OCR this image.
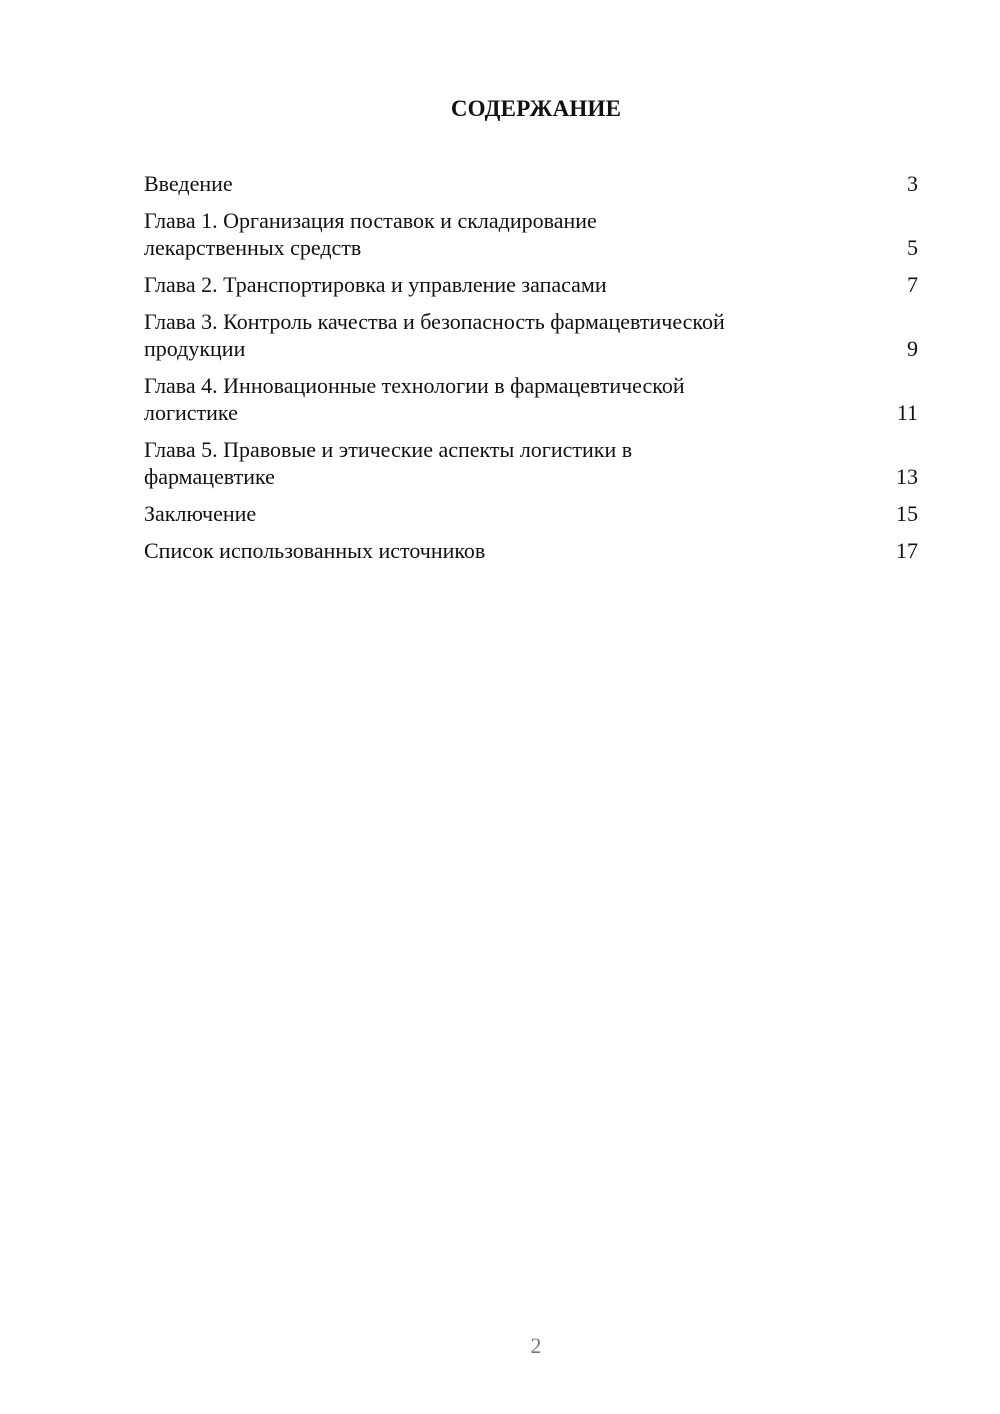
СОДЕРЖАНИЕ
Введение	3
Глава 1. Организация поставок и складирование
лекарственных средств	5
Глава 2. Транспортировка и управление запасами	7
Глава 3. Контроль качества и безопасность фармацевтической
продукции	9
Глава 4. Инновационные технологии в фармацевтической
логистике	11
Глава 5. Правовые и этические аспекты логистики в
фармацевтике	13
Заключение	15
Список использованных источников	17
2
